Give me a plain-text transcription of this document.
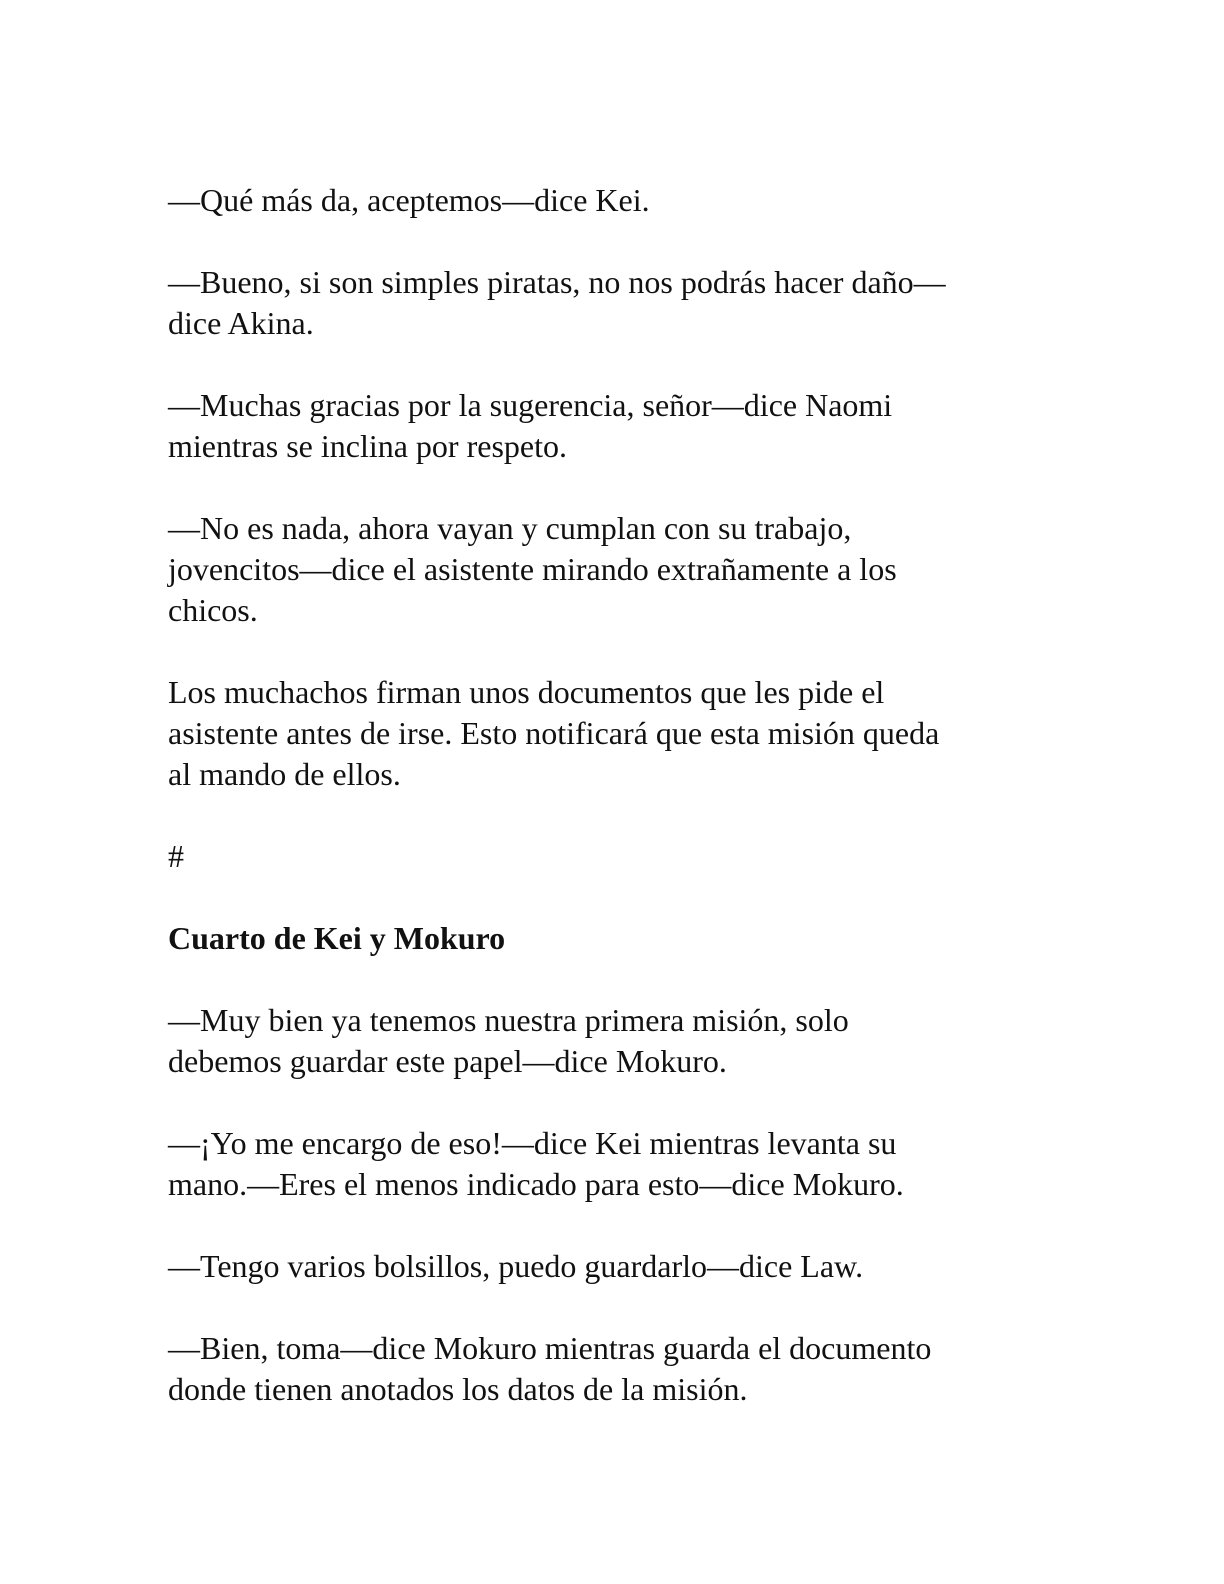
—Qué más da, aceptemos—dice Kei.

—Bueno, si son simples piratas, no nos podrás hacer daño—
dice Akina.

—Muchas gracias por la sugerencia, señor—dice Naomi
mientras se inclina por respeto.

—No es nada, ahora vayan y cumplan con su trabajo,
jovencitos—dice el asistente mirando extrañamente a los
chicos.

Los muchachos firman unos documentos que les pide el
asistente antes de irse. Esto notificará que esta misión queda
al mando de ellos.

#

Cuarto de Kei y Mokuro

—Muy bien ya tenemos nuestra primera misión, solo
debemos guardar este papel—dice Mokuro.

—¡Yo me encargo de eso!—dice Kei mientras levanta su
mano.—Eres el menos indicado para esto—dice Mokuro.

—Tengo varios bolsillos, puedo guardarlo—dice Law.

—Bien, toma—dice Mokuro mientras guarda el documento
donde tienen anotados los datos de la misión.
